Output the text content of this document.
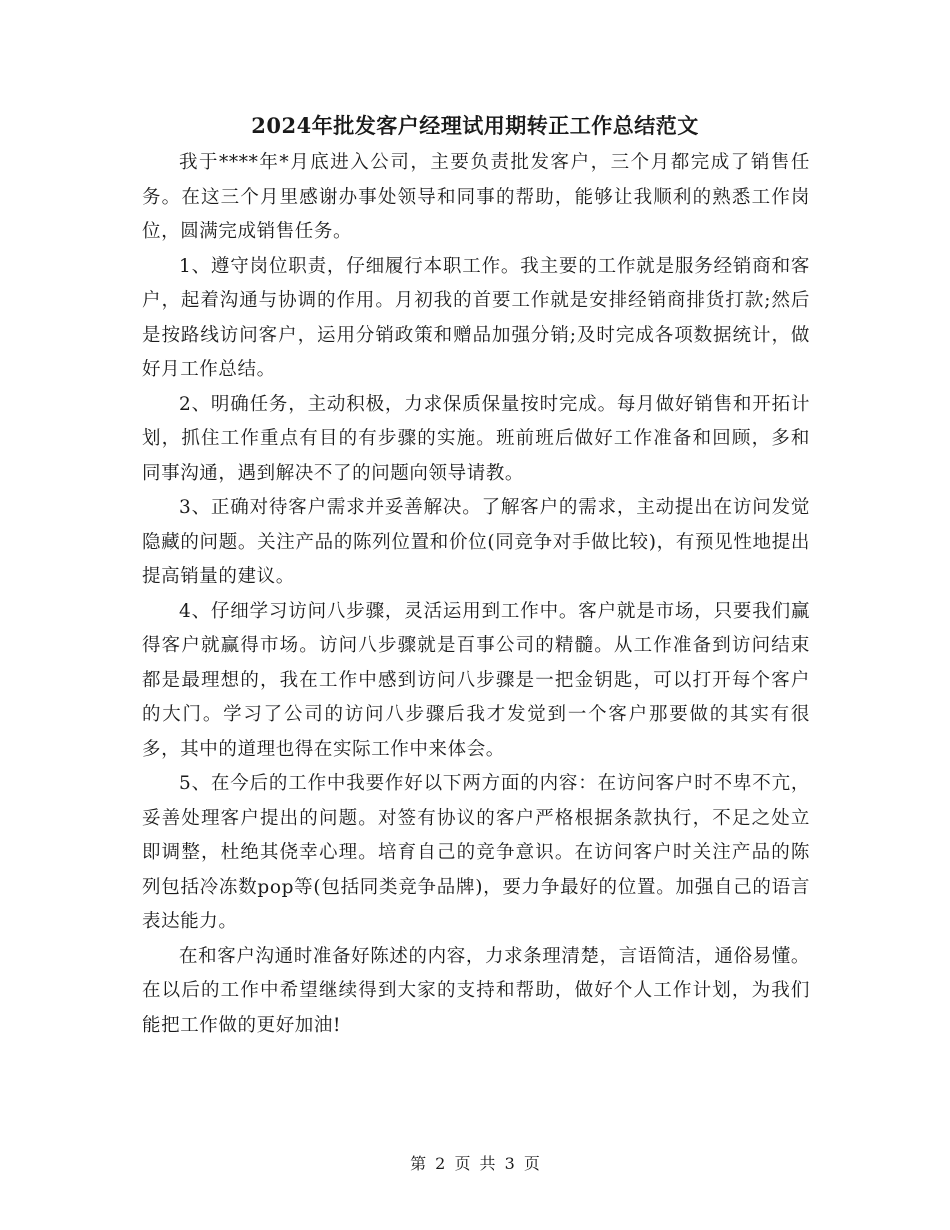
2024年批发客户经理试用期转正工作总结范文

我于****年*月底进入公司，主要负责批发客户，三个月都完成了销售任务。在这三个月里感谢办事处领导和同事的帮助，能够让我顺利的熟悉工作岗位，圆满完成销售任务。

1、遵守岗位职责，仔细履行本职工作。我主要的工作就是服务经销商和客户，起着沟通与协调的作用。月初我的首要工作就是安排经销商排货打款;然后是按路线访问客户，运用分销政策和赠品加强分销;及时完成各项数据统计，做好月工作总结。

2、明确任务，主动积极，力求保质保量按时完成。每月做好销售和开拓计划，抓住工作重点有目的有步骤的实施。班前班后做好工作准备和回顾，多和同事沟通，遇到解决不了的问题向领导请教。

3、正确对待客户需求并妥善解决。了解客户的需求，主动提出在访问发觉隐藏的问题。关注产品的陈列位置和价位(同竞争对手做比较)，有预见性地提出提高销量的建议。

4、仔细学习访问八步骤，灵活运用到工作中。客户就是市场，只要我们赢得客户就赢得市场。访问八步骤就是百事公司的精髓。从工作准备到访问结束都是最理想的，我在工作中感到访问八步骤是一把金钥匙，可以打开每个客户的大门。学习了公司的访问八步骤后我才发觉到一个客户那要做的其实有很多，其中的道理也得在实际工作中来体会。

5、在今后的工作中我要作好以下两方面的内容：在访问客户时不卑不亢，妥善处理客户提出的问题。对签有协议的客户严格根据条款执行，不足之处立即调整，杜绝其侥幸心理。培育自己的竞争意识。在访问客户时关注产品的陈列包括冷冻数pop等(包括同类竞争品牌)，要力争最好的位置。加强自己的语言表达能力。

在和客户沟通时准备好陈述的内容，力求条理清楚，言语简洁，通俗易懂。在以后的工作中希望继续得到大家的支持和帮助，做好个人工作计划，为我们能把工作做的更好加油!

第 2 页 共 3 页
